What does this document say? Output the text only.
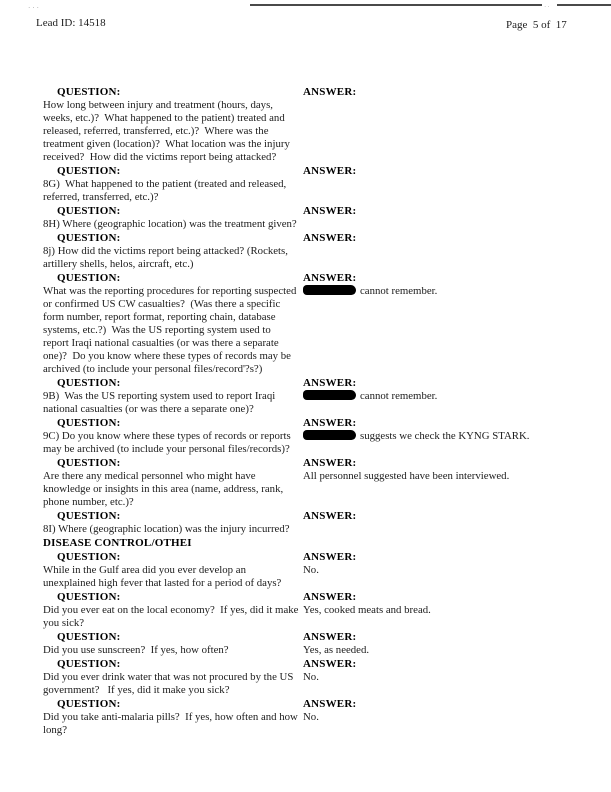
···	··
Lead ID: 14518	Page  5 of  17
QUESTION:
How long between injury and treatment (hours, days, weeks, etc.)?  What happened to the patient) treated and released, referred, transferred, etc.)?  Where was the treatment given (location)?  What location was the injury received?  How did the victims report being attacked?
ANSWER:
QUESTION:
8G)  What happened to the patient (treated and released, referred, transferred, etc.)?
ANSWER:
QUESTION:
8H) Where (geographic location) was the treatment given?
ANSWER:
QUESTION:
8j) How did the victims report being attacked? (Rockets, artillery shells, helos, aircraft, etc.)
ANSWER:
QUESTION:
What was the reporting procedures for reporting suspected or confirmed US CW casualties?  (Was there a specific form number, report format, reporting chain, database systems, etc.?)  Was the US reporting system used to report Iraqi national casualties (or was there a separate one)?  Do you know where these types of records may be archived (to include your personal files/record'?s?)
ANSWER:
cannot remember.
QUESTION:
9B)  Was the US reporting system used to report Iraqi national casualties (or was there a separate one)?
ANSWER:
cannot remember.
QUESTION:
9C) Do you know where these types of records or reports may be archived (to include your personal files/records)?
ANSWER:
suggests we check the KYNG STARK.
QUESTION:
Are there any medical personnel who might have knowledge or insights in this area (name, address, rank, phone number, etc.)?
ANSWER:
All personnel suggested have been interviewed.
QUESTION:
8I) Where (geographic location) was the injury incurred?
ANSWER:
DISEASE CONTROL/OTHEI
QUESTION:
While in the Gulf area did you ever develop an unexplained high fever that lasted for a period of days?
ANSWER:
No.
QUESTION:
Did you ever eat on the local economy?  If yes, did it make you sick?
ANSWER:
Yes, cooked meats and bread.
QUESTION:
Did you use sunscreen?  If yes, how often?
ANSWER:
Yes, as needed.
QUESTION:
Did you ever drink water that was not procured by the US government?   If yes, did it make you sick?
ANSWER:
No.
QUESTION:
Did you take anti-malaria pills?  If yes, how often and how long?
ANSWER:
No.
